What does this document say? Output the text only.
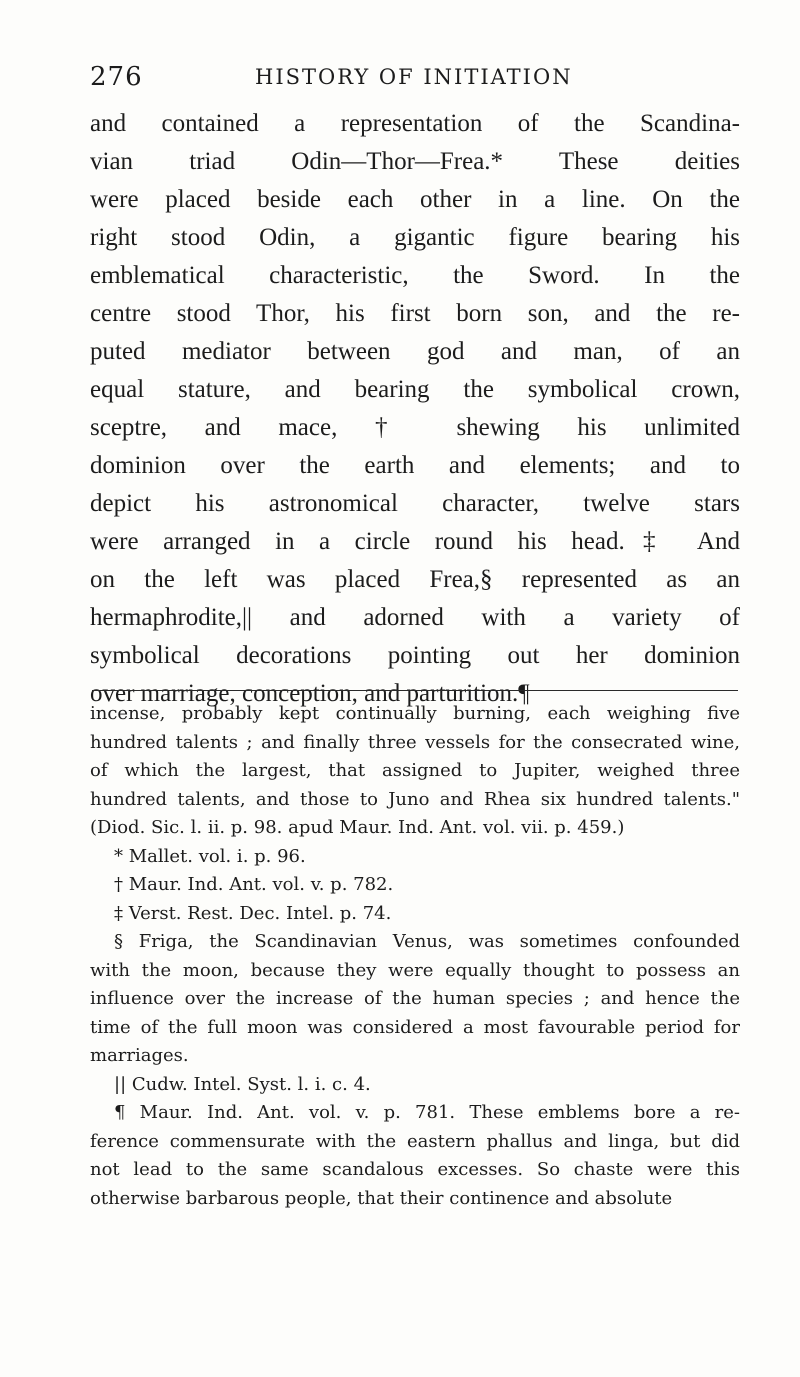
276	HISTORY OF INITIATION
and contained a representation of the Scandina-
vian triad Odin—Thor—Frea.* These deities
were placed beside each other in a line. On the
right stood Odin, a gigantic figure bearing his
emblematical characteristic, the Sword. In the
centre stood Thor, his first born son, and the re-
puted mediator between god and man, of an
equal stature, and bearing the symbolical crown,
sceptre, and mace, † shewing his unlimited
dominion over the earth and elements; and to
depict his astronomical character, twelve stars
were arranged in a circle round his head.‡ And
on the left was placed Frea,§ represented as an
hermaphrodite,|| and adorned with a variety of
symbolical decorations pointing out her dominion
over marriage, conception, and parturition.¶
incense, probably kept continually burning, each weighing five
hundred talents ; and finally three vessels for the consecrated wine,
of which the largest, that assigned to Jupiter, weighed three
hundred talents, and those to Juno and Rhea six hundred talents."
(Diod. Sic. l. ii. p. 98. apud Maur. Ind. Ant. vol. vii. p. 459.)
* Mallet. vol. i. p. 96.
† Maur. Ind. Ant. vol. v. p. 782.
‡ Verst. Rest. Dec. Intel. p. 74.
§ Friga, the Scandinavian Venus, was sometimes confounded
with the moon, because they were equally thought to possess an
influence over the increase of the human species ; and hence the
time of the full moon was considered a most favourable period for
marriages.
|| Cudw. Intel. Syst. l. i. c. 4.
¶ Maur. Ind. Ant. vol. v. p. 781. These emblems bore a re-
ference commensurate with the eastern phallus and linga, but did
not lead to the same scandalous excesses. So chaste were this
otherwise barbarous people, that their continence and absolute
